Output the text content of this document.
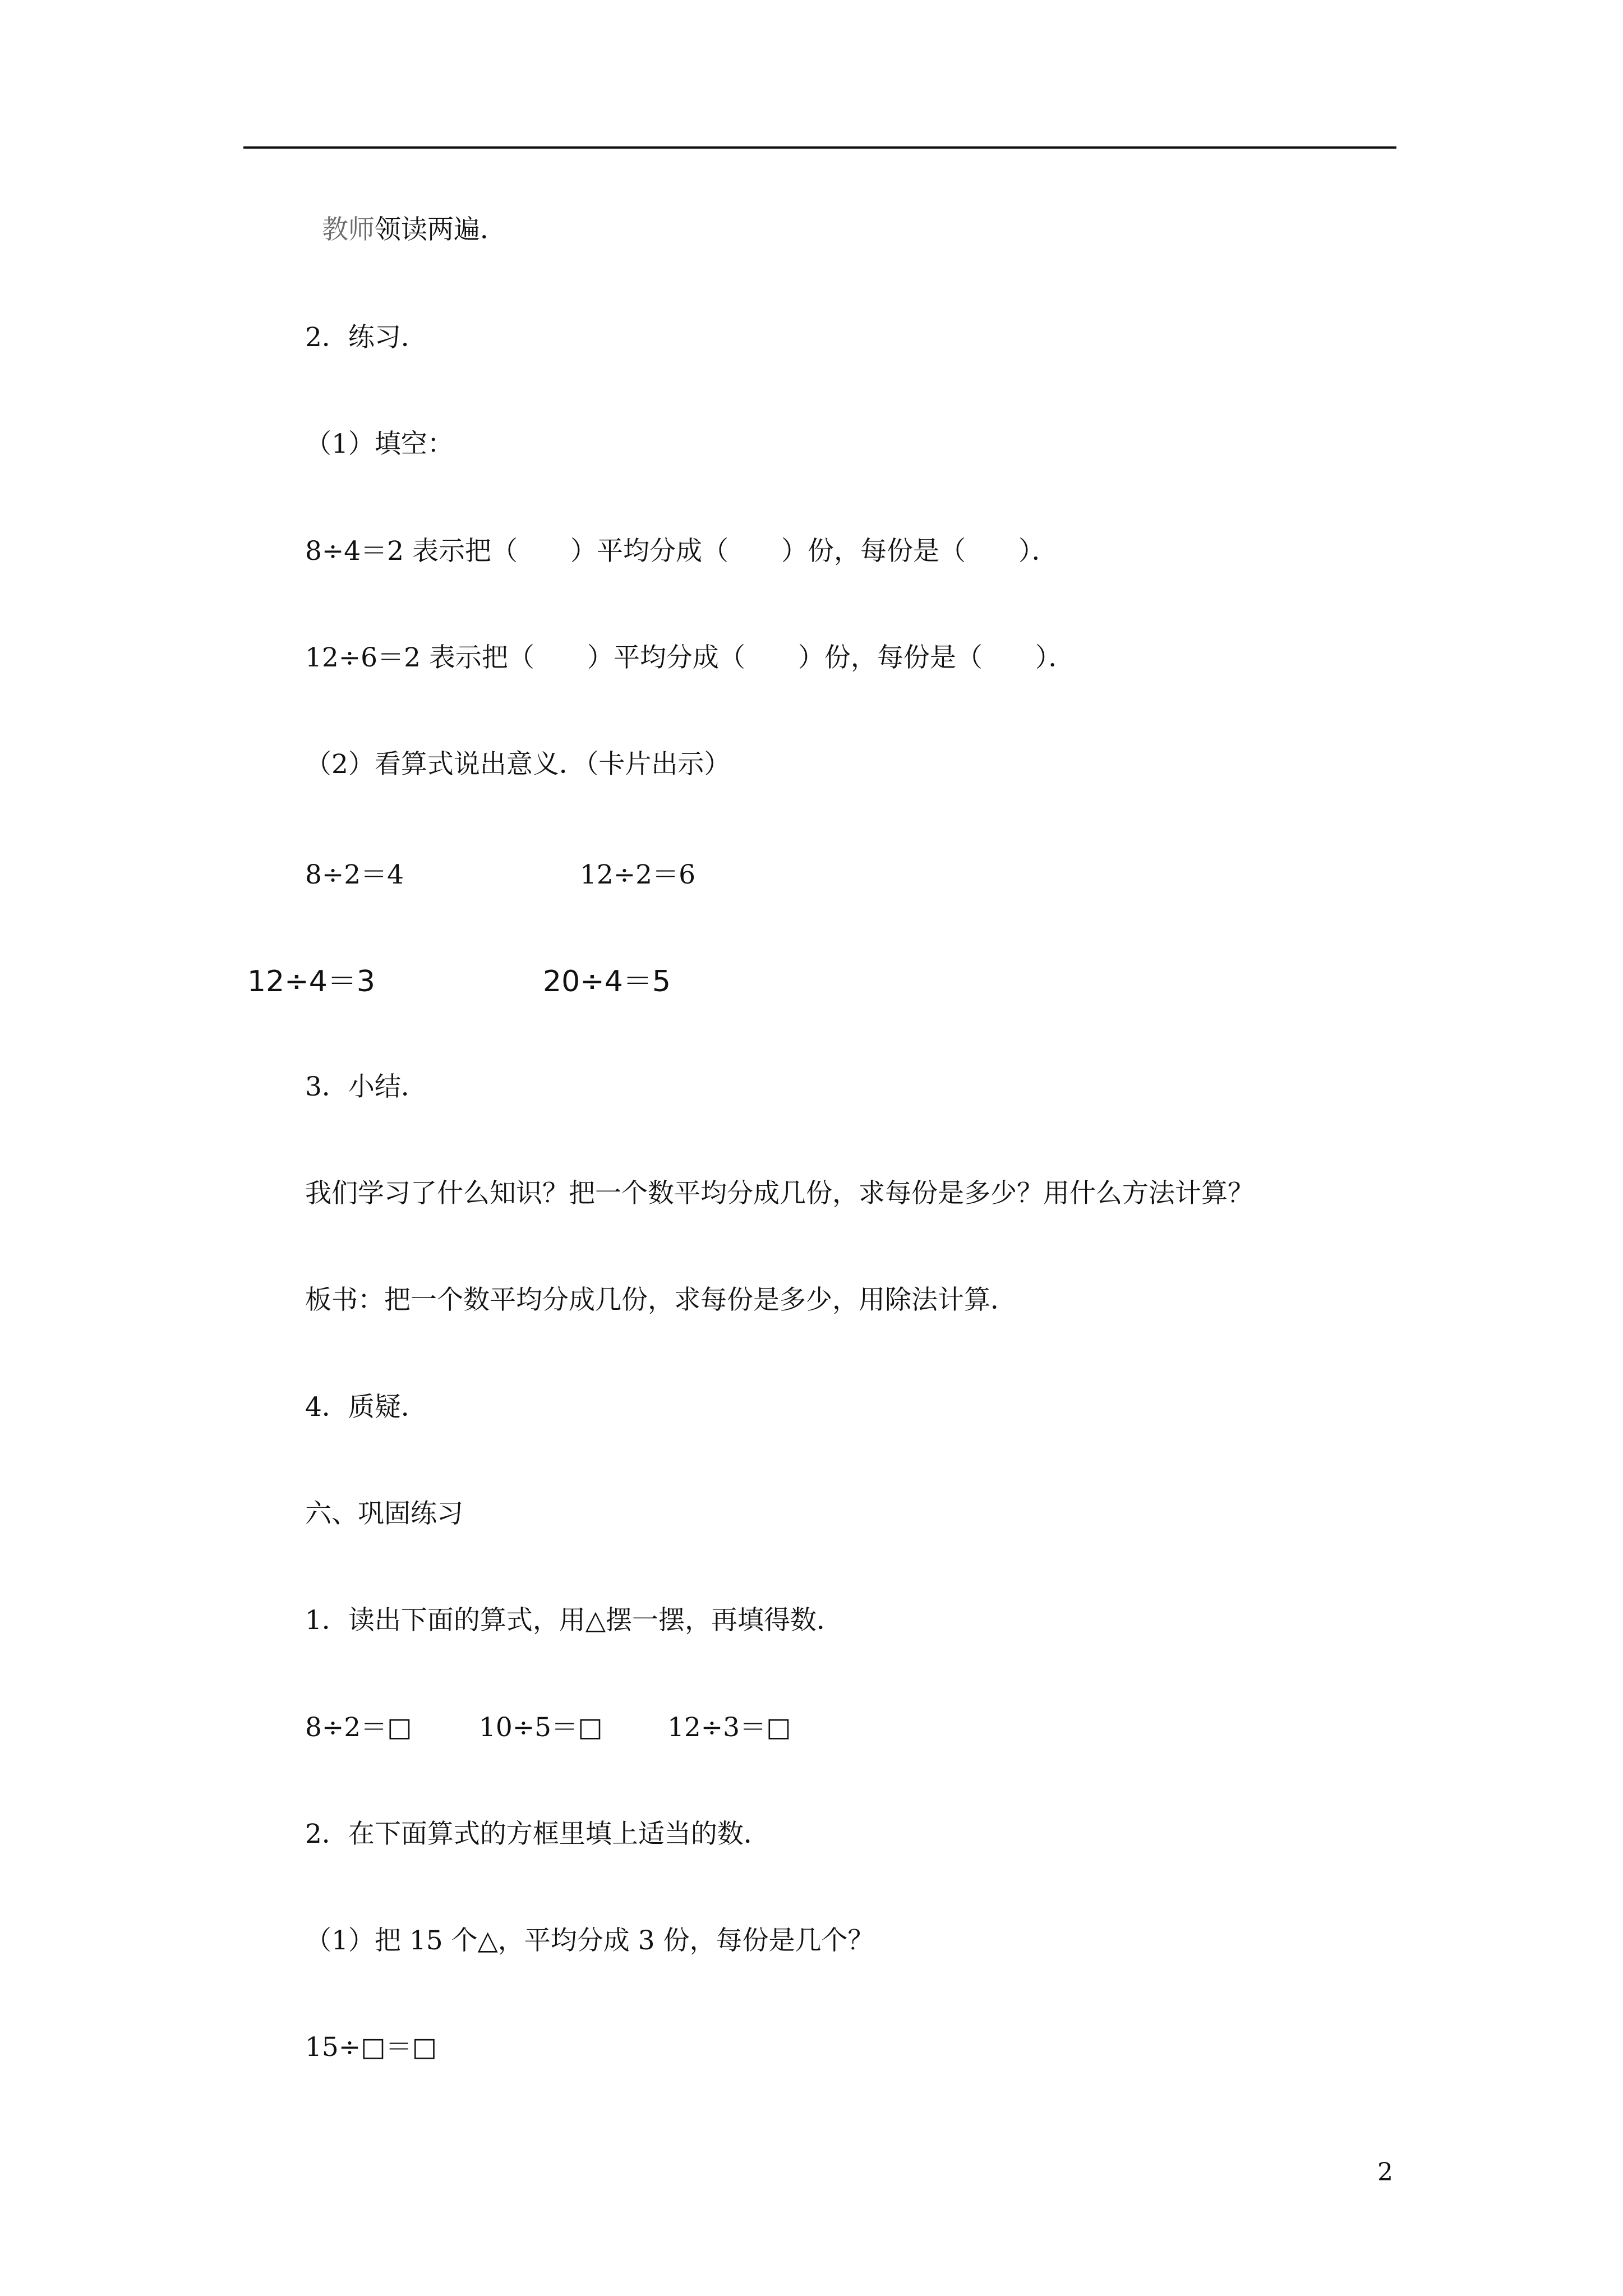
教师领读两遍．
2．练习．
（1）填空：
8÷4＝2 表示把（　　）平均分成（　　）份，每份是（　　）．
12÷6＝2 表示把（　　）平均分成（　　）份，每份是（　　）．
（2）看算式说出意义．（卡片出示）
8÷2＝4	12÷2＝6
12÷4＝3	20÷4＝5
3．小结．
我们学习了什么知识？把一个数平均分成几份，求每份是多少？用什么方法计算？
板书：把一个数平均分成几份，求每份是多少，用除法计算．
4．质疑．
六、巩固练习
1．读出下面的算式，用△摆一摆，再填得数．
8÷2＝□	10÷5＝□ 12÷3＝□
2．在下面算式的方框里填上适当的数．
（1）把 15 个△，平均分成 3 份，每份是几个？
15÷□＝□
2
